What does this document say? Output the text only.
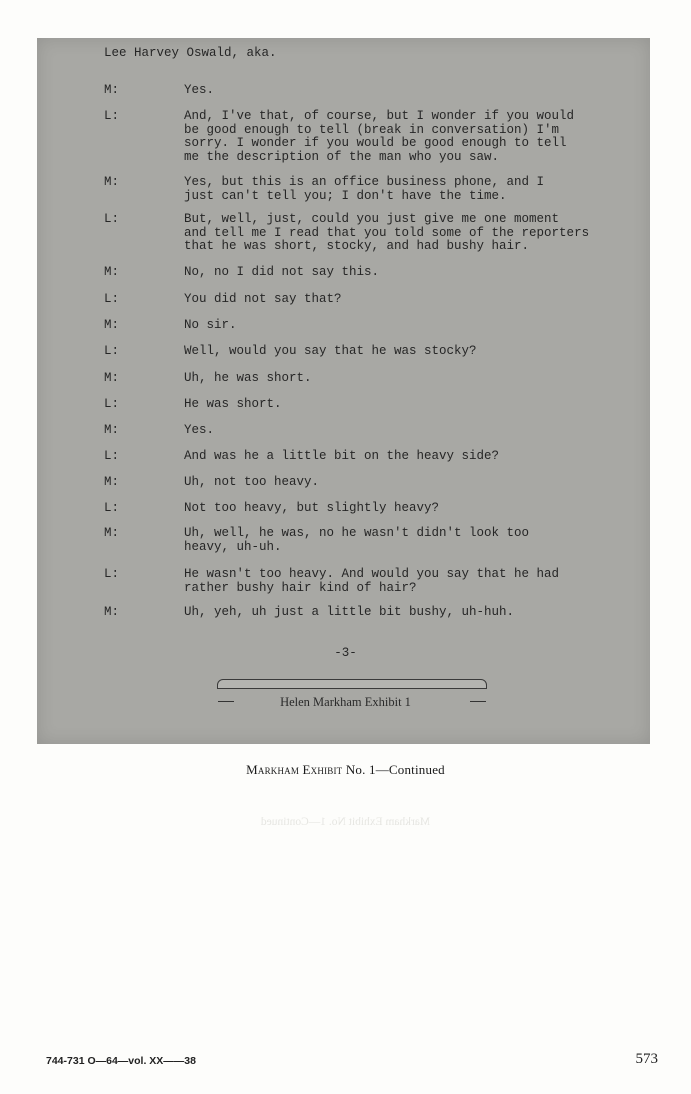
Lee Harvey Oswald, aka.
M:	Yes.
L:	And, I've that, of course, but I wonder if you would
be good enough to tell (break in conversation) I'm
sorry. I wonder if you would be good enough to tell
me the description of the man who you saw.
M:	Yes, but this is an office business phone, and I
just can't tell you; I don't have the time.
L:	But, well, just, could you just give me one moment
and tell me I read that you told some of the reporters
that he was short, stocky, and had bushy hair.
M:	No, no I did not say this.
L:	You did not say that?
M:	No sir.
L:	Well, would you say that he was stocky?
M:	Uh, he was short.
L:	He was short.
M:	Yes.
L:	And was he a little bit on the heavy side?
M:	Uh, not too heavy.
L:	Not too heavy, but slightly heavy?
M:	Uh, well, he was, no he wasn't didn't look too
heavy, uh-uh.
L:	He wasn't too heavy. And would you say that he had
rather bushy hair kind of hair?
M:	Uh, yeh, uh just a little bit bushy, uh-huh.
-3-
Helen Markham Exhibit 1
Markham Exhibit No. 1—Continued
Markham Exhibit No. 1—Continued
744-731 O—64—vol. XX——38	573
